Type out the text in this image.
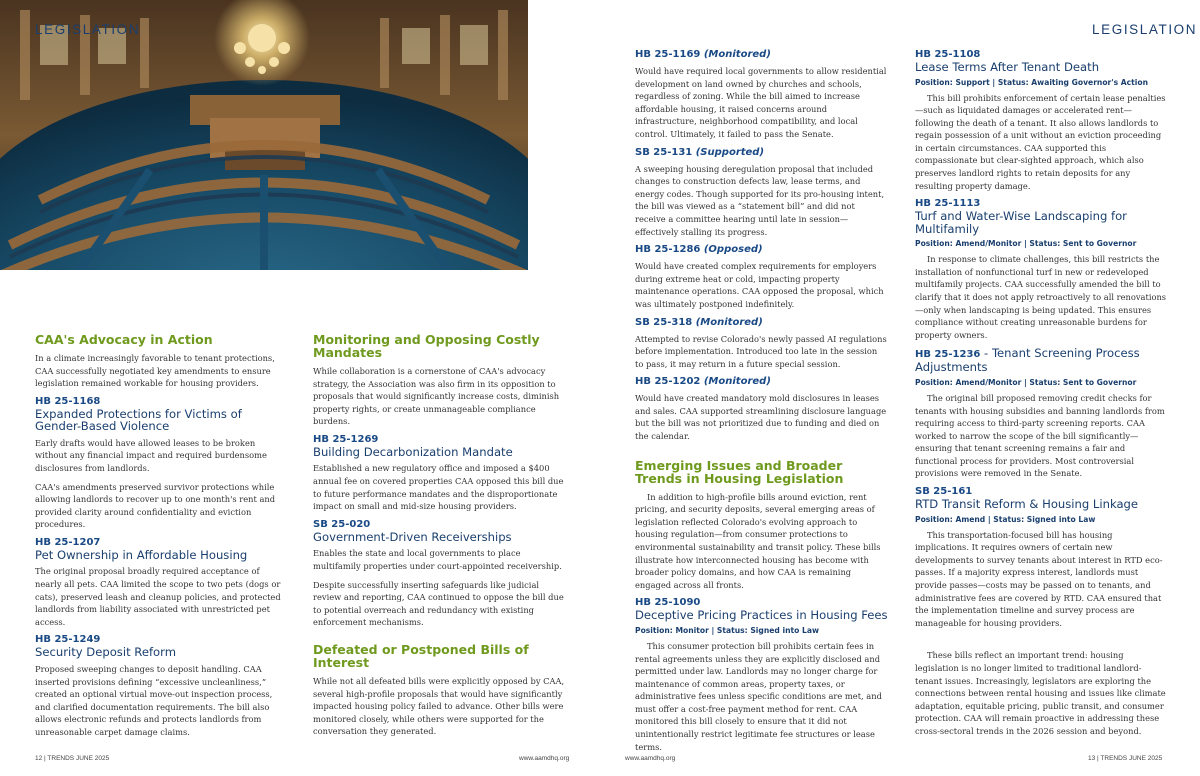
LEGISLATION
CAA's Advocacy in Action

In a climate increasingly favorable to tenant protections, CAA successfully negotiated key amendments to ensure legislation remained workable for housing providers.

HB 25-1168

Expanded Protections for Victims of Gender-Based Violence

Early drafts would have allowed leases to be broken without any financial impact and required burdensome disclosures from landlords.

CAA's amendments preserved survivor protections while allowing landlords to recover up to one month's rent and provided clarity around confidentiality and eviction procedures.

HB 25-1207

Pet Ownership in Affordable Housing

The original proposal broadly required acceptance of nearly all pets. CAA limited the scope to two pets (dogs or cats), preserved leash and cleanup policies, and protected landlords from liability associated with unrestricted pet access.

HB 25-1249

Security Deposit Reform

Proposed sweeping changes to deposit handling. CAA inserted provisions defining “excessive uncleanliness,” created an optional virtual move-out inspection process, and clarified documentation requirements. The bill also allows electronic refunds and protects landlords from unreasonable carpet damage claims.

Monitoring and Opposing Costly Mandates

While collaboration is a cornerstone of CAA's advocacy strategy, the Association was also firm in its opposition to proposals that would significantly increase costs, diminish property rights, or create unmanageable compliance burdens.

HB 25-1269

Building Decarbonization Mandate

Established a new regulatory office and imposed a $400 annual fee on covered properties CAA opposed this bill due to future performance mandates and the disproportionate impact on small and mid-size housing providers.

SB 25-020

Government-Driven Receiverships

Enables the state and local governments to place multifamily properties under court-appointed receivership.

Despite successfully inserting safeguards like judicial review and reporting, CAA continued to oppose the bill due to potential overreach and redundancy with existing enforcement mechanisms.

Defeated or Postponed Bills of Interest

While not all defeated bills were explicitly opposed by CAA, several high-profile proposals that would have significantly impacted housing policy failed to advance. Other bills were monitored closely, while others were supported for the conversation they generated.

12 | TRENDS JUNE 2025	www.aamdhq.org
LEGISLATION

HB 25-1169 (Monitored)

Would have required local governments to allow residential development on land owned by churches and schools, regardless of zoning. While the bill aimed to increase affordable housing, it raised concerns around infrastructure, neighborhood compatibility, and local control. Ultimately, it failed to pass the Senate.

SB 25-131 (Supported)

A sweeping housing deregulation proposal that included changes to construction defects law, lease terms, and energy codes. Though supported for its pro-housing intent, the bill was viewed as a “statement bill” and did not receive a committee hearing until late in session—effectively stalling its progress.

HB 25-1286 (Opposed)

Would have created complex requirements for employers during extreme heat or cold, impacting property maintenance operations. CAA opposed the proposal, which was ultimately postponed indefinitely.

SB 25-318 (Monitored)

Attempted to revise Colorado's newly passed AI regulations before implementation. Introduced too late in the session to pass, it may return in a future special session.

HB 25-1202 (Monitored)

Would have created mandatory mold disclosures in leases and sales. CAA supported streamlining disclosure language but the bill was not prioritized due to funding and died on the calendar.

Emerging Issues and Broader Trends in Housing Legislation

In addition to high-profile bills around eviction, rent pricing, and security deposits, several emerging areas of legislation reflected Colorado's evolving approach to housing regulation—from consumer protections to environmental sustainability and transit policy. These bills illustrate how interconnected housing has become with broader policy domains, and how CAA is remaining engaged across all fronts.

HB 25-1090

Deceptive Pricing Practices in Housing Fees

Position: Monitor | Status: Signed into Law

This consumer protection bill prohibits certain fees in rental agreements unless they are explicitly disclosed and permitted under law. Landlords may no longer charge for maintenance of common areas, property taxes, or administrative fees unless specific conditions are met, and must offer a cost-free payment method for rent. CAA monitored this bill closely to ensure that it did not unintentionally restrict legitimate fee structures or lease terms.

HB 25-1108

Lease Terms After Tenant Death

Position: Support | Status: Awaiting Governor's Action

This bill prohibits enforcement of certain lease penalties—such as liquidated damages or accelerated rent—following the death of a tenant. It also allows landlords to regain possession of a unit without an eviction proceeding in certain circumstances. CAA supported this compassionate but clear-sighted approach, which also preserves landlord rights to retain deposits for any resulting property damage.

HB 25-1113

Turf and Water-Wise Landscaping for Multifamily

Position: Amend/Monitor | Status: Sent to Governor

In response to climate challenges, this bill restricts the installation of nonfunctional turf in new or redeveloped multifamily projects. CAA successfully amended the bill to clarify that it does not apply retroactively to all renovations—only when landscaping is being updated. This ensures compliance without creating unreasonable burdens for property owners.

HB 25-1236 - Tenant Screening Process Adjustments

Position: Amend/Monitor | Status: Sent to Governor

The original bill proposed removing credit checks for tenants with housing subsidies and banning landlords from requiring access to third-party screening reports. CAA worked to narrow the scope of the bill significantly—ensuring that tenant screening remains a fair and functional process for providers. Most controversial provisions were removed in the Senate.

SB 25-161

RTD Transit Reform & Housing Linkage

Position: Amend | Status: Signed into Law

This transportation-focused bill has housing implications. It requires owners of certain new developments to survey tenants about interest in RTD eco-passes. If a majority express interest, landlords must provide passes—costs may be passed on to tenants, and administrative fees are covered by RTD. CAA ensured that the implementation timeline and survey process are manageable for housing providers.

These bills reflect an important trend: housing legislation is no longer limited to traditional landlord-tenant issues. Increasingly, legislators are exploring the connections between rental housing and issues like climate adaptation, equitable pricing, public transit, and consumer protection. CAA will remain proactive in addressing these cross-sectoral trends in the 2026 session and beyond.

www.aamdhq.org	13 | TRENDS JUNE 2025
